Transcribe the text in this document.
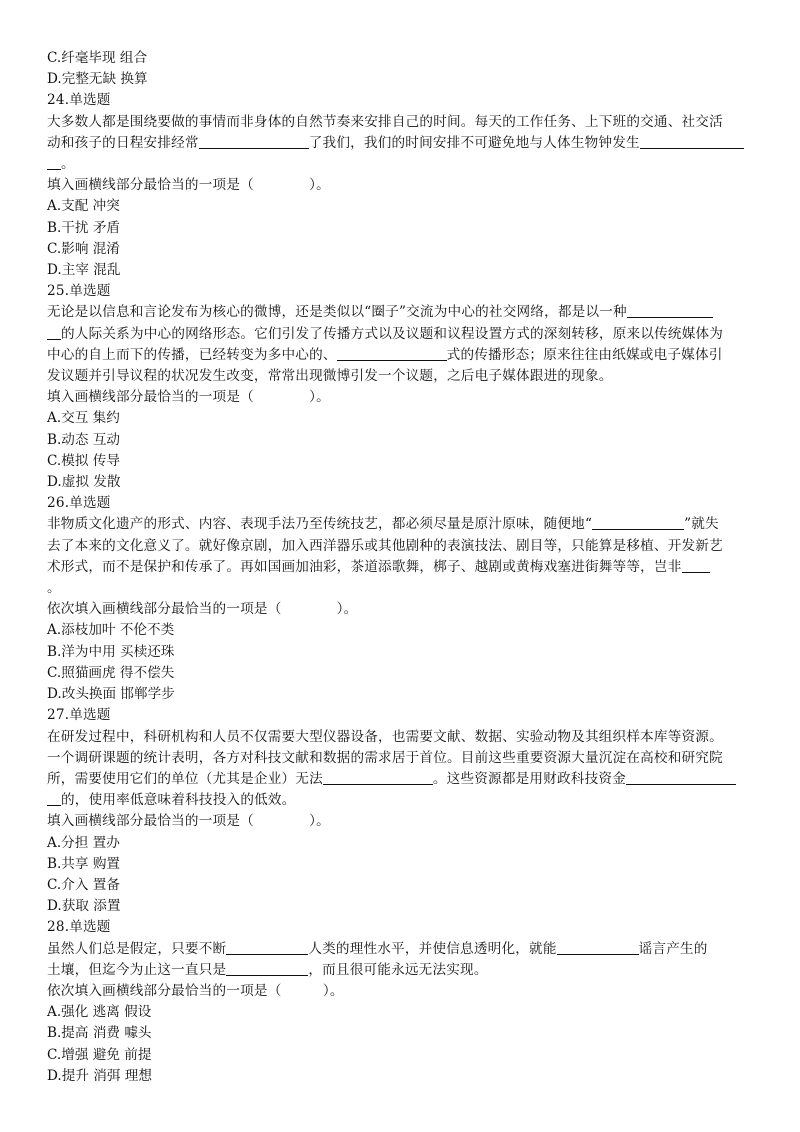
C.纤毫毕现 组合
D.完整无缺 换算
24.单选题
大多数人都是围绕要做的事情而非身体的自然节奏来安排自己的时间。每天的工作任务、上下班的交通、社交活
动和孩子的日程安排经常	了我们，我们的时间安排不可避免地与人体生物钟发生
。
填入画横线部分最恰当的一项是（　　　　）。
A.支配 冲突
B.干扰 矛盾
C.影响 混淆
D.主宰 混乱
25.单选题
无论是以信息和言论发布为核心的微博，还是类似以“圈子”交流为中心的社交网络，都是以一种
的人际关系为中心的网络形态。它们引发了传播方式以及议题和议程设置方式的深刻转移，原来以传统媒体为
中心的自上而下的传播，已经转变为多中心的、	式的传播形态；原来往往由纸媒或电子媒体引
发议题并引导议程的状况发生改变，常常出现微博引发一个议题，之后电子媒体跟进的现象。
填入画横线部分最恰当的一项是（　　　　）。
A.交互 集约
B.动态 互动
C.模拟 传导
D.虚拟 发散
26.单选题
非物质文化遗产的形式、内容、表现手法乃至传统技艺，都必须尽量是原汁原味，随便地“	”就失
去了本来的文化意义了。就好像京剧，加入西洋器乐或其他剧种的表演技法、剧目等，只能算是移植、开发新艺
术形式，而不是保护和传承了。再如国画加油彩，茶道添歌舞，梆子、越剧或黄梅戏塞进街舞等等，岂非
。
依次填入画横线部分最恰当的一项是（　　　　）。
A.添枝加叶 不伦不类
B.洋为中用 买椟还珠
C.照猫画虎 得不偿失
D.改头换面 邯郸学步
27.单选题
在研发过程中，科研机构和人员不仅需要大型仪器设备，也需要文献、数据、实验动物及其组织样本库等资源。
一个调研课题的统计表明，各方对科技文献和数据的需求居于首位。目前这些重要资源大量沉淀在高校和研究院
所，需要使用它们的单位（尤其是企业）无法	。这些资源都是用财政科技资金
的，使用率低意味着科技投入的低效。
填入画横线部分最恰当的一项是（　　　　）。
A.分担 置办
B.共享 购置
C.介入 置备
D.获取 添置
28.单选题
虽然人们总是假定，只要不断	人类的理性水平，并使信息透明化，就能	谣言产生的
土壤，但迄今为止这一直只是	，而且很可能永远无法实现。
依次填入画横线部分最恰当的一项是（　　　）。
A.强化 逃离 假设
B.提高 消费 噱头
C.增强 避免 前提
D.提升 消弭 理想
